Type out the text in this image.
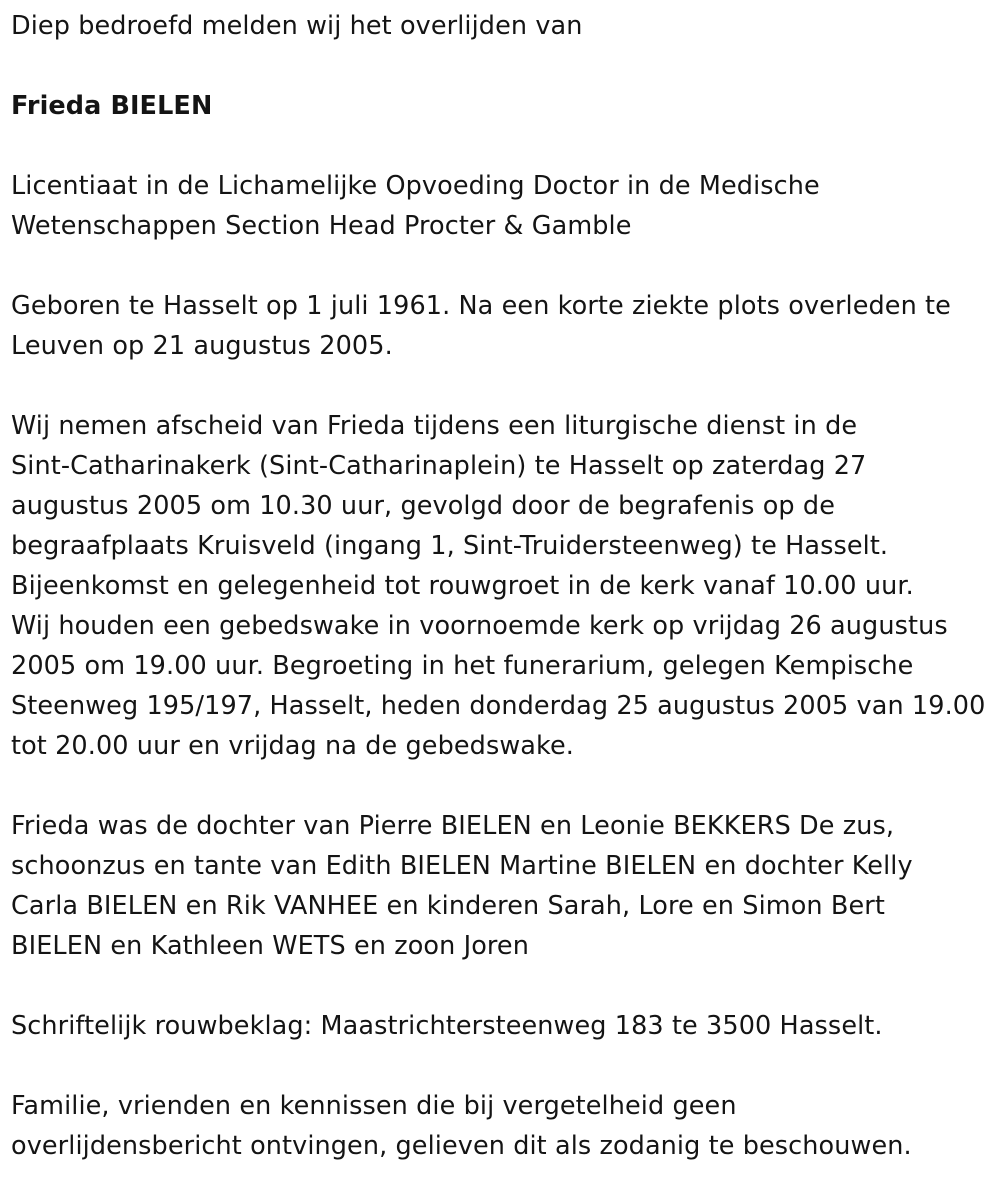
Diep bedroefd melden wij het overlijden van

Frieda BIELEN

Licentiaat in de Lichamelijke Opvoeding Doctor in de Medische
Wetenschappen Section Head Procter & Gamble

Geboren te Hasselt op 1 juli 1961. Na een korte ziekte plots overleden te
Leuven op 21 augustus 2005.

Wij nemen afscheid van Frieda tijdens een liturgische dienst in de
Sint-Catharinakerk (Sint-Catharinaplein) te Hasselt op zaterdag 27
augustus 2005 om 10.30 uur, gevolgd door de begrafenis op de
begraafplaats Kruisveld (ingang 1, Sint-Truidersteenweg) te Hasselt.
Bijeenkomst en gelegenheid tot rouwgroet in de kerk vanaf 10.00 uur.
Wij houden een gebedswake in voornoemde kerk op vrijdag 26 augustus
2005 om 19.00 uur. Begroeting in het funerarium, gelegen Kempische
Steenweg 195/197, Hasselt, heden donderdag 25 augustus 2005 van 19.00
tot 20.00 uur en vrijdag na de gebedswake.

Frieda was de dochter van Pierre BIELEN en Leonie BEKKERS De zus,
schoonzus en tante van Edith BIELEN Martine BIELEN en dochter Kelly
Carla BIELEN en Rik VANHEE en kinderen Sarah, Lore en Simon Bert
BIELEN en Kathleen WETS en zoon Joren

Schriftelijk rouwbeklag: Maastrichtersteenweg 183 te 3500 Hasselt.

Familie, vrienden en kennissen die bij vergetelheid geen
overlijdensbericht ontvingen, gelieven dit als zodanig te beschouwen.
